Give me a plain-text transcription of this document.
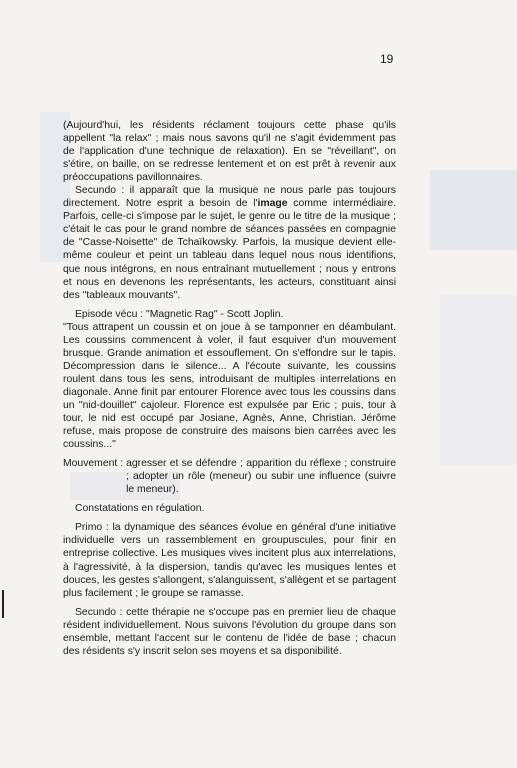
19

(Aujourd'hui, les résidents réclament toujours cette phase qu'ils appellent "la relax" ; mais nous savons qu'il ne s'agit évidemment pas de l'application d'une technique de relaxation). En se "réveillant", on s'étire, on baille, on se redresse lentement et on est prêt à revenir aux préoccupations pavillonnaires.

Secundo : il apparaît que la musique ne nous parle pas toujours directement. Notre esprit a besoin de l'image comme intermédiaire. Parfois, celle-ci s'impose par le sujet, le genre ou le titre de la musique ; c'était le cas pour le grand nombre de séances passées en compagnie de "Casse-Noisette" de Tchaïkowsky. Parfois, la musique devient elle-même couleur et peint un tableau dans lequel nous nous identifions, que nous intégrons, en nous entraînant mutuellement ; nous y entrons et nous en devenons les représentants, les acteurs, constituant ainsi des "tableaux mouvants".

Episode vécu : "Magnetic Rag" - Scott Joplin.

"Tous attrapent un coussin et on joue à se tamponner en déambulant. Les coussins commencent à voler, il faut esquiver d'un mouvement brusque. Grande animation et essouflement. On s'effondre sur le tapis. Décompression dans le silence... A l'écoute suivante, les coussins roulent dans tous les sens, introduisant de multiples interrelations en diagonale. Anne finit par entourer Florence avec tous les coussins dans un "nid-douillet" cajoleur. Florence est expulsée par Eric ; puis, tour à tour, le nid est occupé par Josiane, Agnès, Anne, Christian. Jérôme refuse, mais propose de construire des maisons bien carrées avec les coussins..."

Mouvement : agresser et se défendre ; apparition du réflexe ; construire ; adopter un rôle (meneur) ou subir une influence (suivre le meneur).

Constatations en régulation.

Primo : la dynamique des séances évolue en général d'une initiative individuelle vers un rassemblement en groupuscules, pour finir en entreprise collective. Les musiques vives incitent plus aux interrelations, à l'agressivité, à la dispersion, tandis qu'avec les musiques lentes et douces, les gestes s'allongent, s'alanguissent, s'allègent et se partagent plus facilement ; le groupe se ramasse.

Secundo : cette thérapie ne s'occupe pas en premier lieu de chaque résident individuellement. Nous suivons l'évolution du groupe dans son ensemble, mettant l'accent sur le contenu de l'idée de base ; chacun des résidents s'y inscrit selon ses moyens et sa disponibilité.
